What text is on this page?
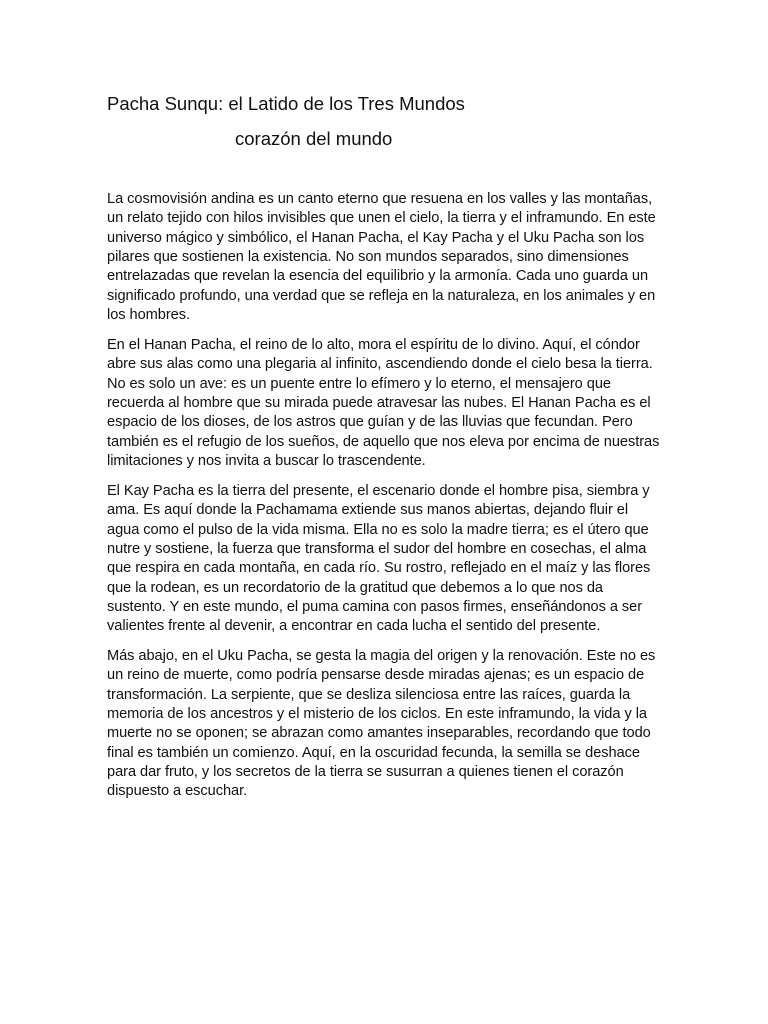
Pacha Sunqu: el Latido de los Tres Mundos
corazón del mundo

La cosmovisión andina es un canto eterno que resuena en los valles y las montañas, un relato tejido con hilos invisibles que unen el cielo, la tierra y el inframundo. En este universo mágico y simbólico, el Hanan Pacha, el Kay Pacha y el Uku Pacha son los pilares que sostienen la existencia. No son mundos separados, sino dimensiones entrelazadas que revelan la esencia del equilibrio y la armonía. Cada uno guarda un significado profundo, una verdad que se refleja en la naturaleza, en los animales y en los hombres.

En el Hanan Pacha, el reino de lo alto, mora el espíritu de lo divino. Aquí, el cóndor abre sus alas como una plegaria al infinito, ascendiendo donde el cielo besa la tierra. No es solo un ave: es un puente entre lo efímero y lo eterno, el mensajero que recuerda al hombre que su mirada puede atravesar las nubes. El Hanan Pacha es el espacio de los dioses, de los astros que guían y de las lluvias que fecundan. Pero también es el refugio de los sueños, de aquello que nos eleva por encima de nuestras limitaciones y nos invita a buscar lo trascendente.

El Kay Pacha es la tierra del presente, el escenario donde el hombre pisa, siembra y ama. Es aquí donde la Pachamama extiende sus manos abiertas, dejando fluir el agua como el pulso de la vida misma. Ella no es solo la madre tierra; es el útero que nutre y sostiene, la fuerza que transforma el sudor del hombre en cosechas, el alma que respira en cada montaña, en cada río. Su rostro, reflejado en el maíz y las flores que la rodean, es un recordatorio de la gratitud que debemos a lo que nos da sustento. Y en este mundo, el puma camina con pasos firmes, enseñándonos a ser valientes frente al devenir, a encontrar en cada lucha el sentido del presente.

Más abajo, en el Uku Pacha, se gesta la magia del origen y la renovación. Este no es un reino de muerte, como podría pensarse desde miradas ajenas; es un espacio de transformación. La serpiente, que se desliza silenciosa entre las raíces, guarda la memoria de los ancestros y el misterio de los ciclos. En este inframundo, la vida y la muerte no se oponen; se abrazan como amantes inseparables, recordando que todo final es también un comienzo. Aquí, en la oscuridad fecunda, la semilla se deshace para dar fruto, y los secretos de la tierra se susurran a quienes tienen el corazón dispuesto a escuchar.
